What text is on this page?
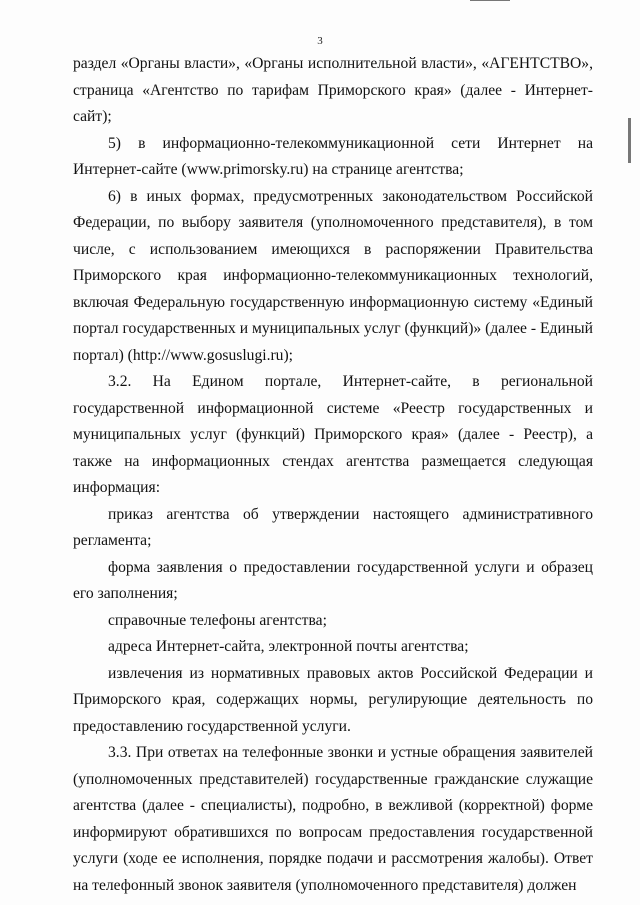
3

раздел «Органы власти», «Органы исполнительной власти», «АГЕНТСТВО», страница «Агентство по тарифам Приморского края» (далее - Интернет-сайт);

5) в информационно-телекоммуникационной сети Интернет на Интернет-сайте (www.primorsky.ru) на странице агентства;

6) в иных формах, предусмотренных законодательством Российской Федерации, по выбору заявителя (уполномоченного представителя), в том числе, с использованием имеющихся в распоряжении Правительства Приморского края информационно-телекоммуникационных технологий, включая Федеральную государственную информационную систему «Единый портал государственных и муниципальных услуг (функций)» (далее - Единый портал) (http://www.gosuslugi.ru);

3.2. На Едином портале, Интернет-сайте, в региональной государственной информационной системе «Реестр государственных и муниципальных услуг (функций) Приморского края» (далее - Реестр), а также на информационных стендах агентства размещается следующая информация:

приказ агентства об утверждении настоящего административного регламента;

форма заявления о предоставлении государственной услуги и образец его заполнения;

справочные телефоны агентства;

адреса Интернет-сайта, электронной почты агентства;

извлечения из нормативных правовых актов Российской Федерации и Приморского края, содержащих нормы, регулирующие деятельность по предоставлению государственной услуги.

3.3. При ответах на телефонные звонки и устные обращения заявителей (уполномоченных представителей) государственные гражданские служащие агентства (далее - специалисты), подробно, в вежливой (корректной) форме информируют обратившихся по вопросам предоставления государственной услуги (ходе ее исполнения, порядке подачи и рассмотрения жалобы). Ответ на телефонный звонок заявителя (уполномоченного представителя) должен
